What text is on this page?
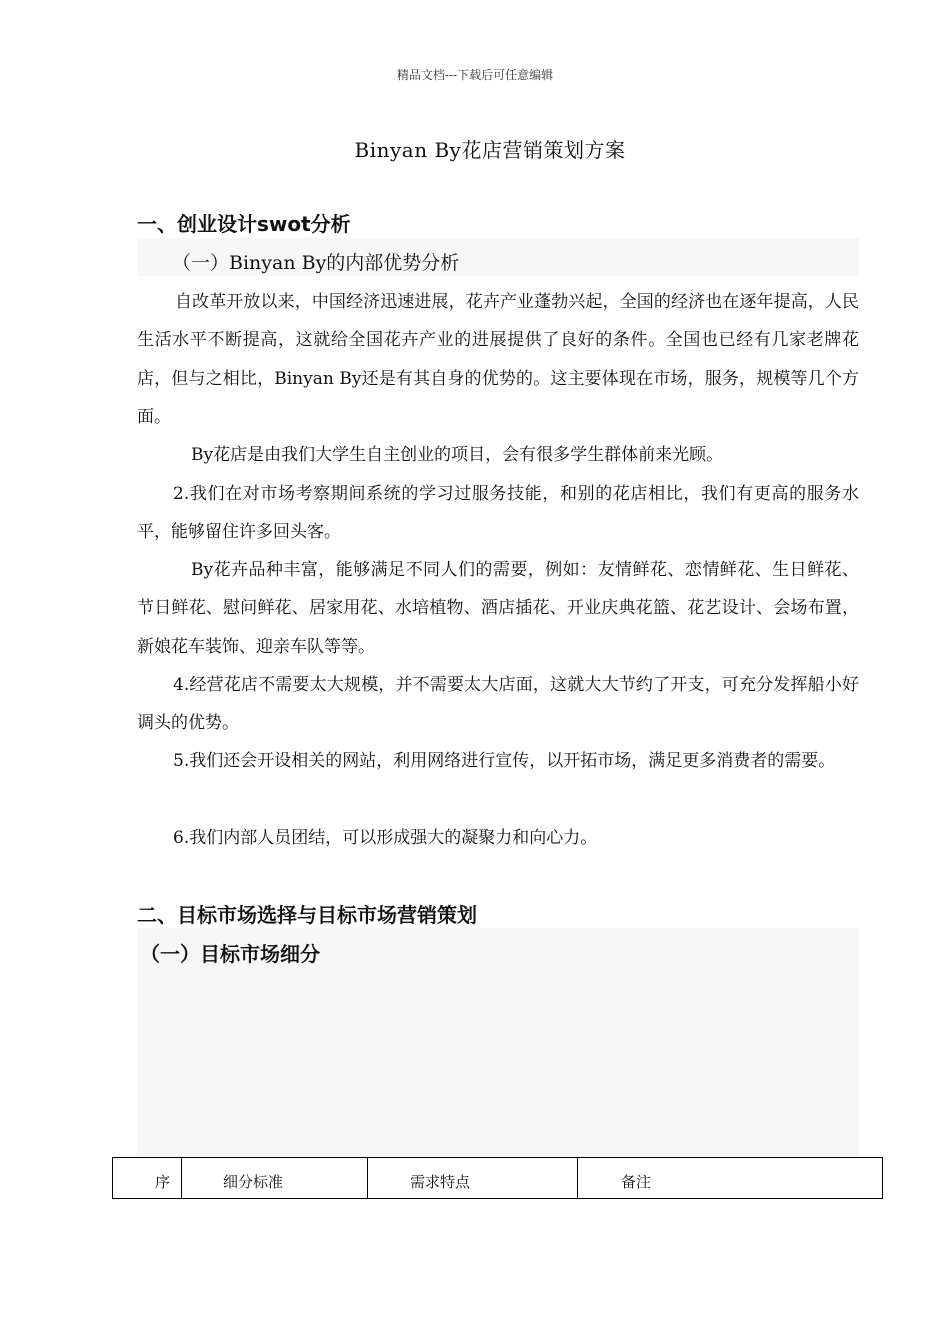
精品文档---下载后可任意编辑
Binyan By花店营销策划方案
一、创业设计swot分析
（一）Binyan By的内部优势分析

自改革开放以来，中国经济迅速进展，花卉产业蓬勃兴起，全国的经济也在逐年提高，人民生活水平不断提高，这就给全国花卉产业的进展提供了良好的条件。全国也已经有几家老牌花店，但与之相比，Binyan By还是有其自身的优势的。这主要体现在市场，服务，规模等几个方面。

By花店是由我们大学生自主创业的项目，会有很多学生群体前来光顾。

2.我们在对市场考察期间系统的学习过服务技能，和别的花店相比，我们有更高的服务水平，能够留住许多回头客。

By花卉品种丰富，能够满足不同人们的需要，例如：友情鲜花、恋情鲜花、生日鲜花、节日鲜花、慰问鲜花、居家用花、水培植物、酒店插花、开业庆典花篮、花艺设计、会场布置，新娘花车装饰、迎亲车队等等。

4.经营花店不需要太大规模，并不需要太大店面，这就大大节约了开支，可充分发挥船小好调头的优势。

5.我们还会开设相关的网站，利用网络进行宣传，以开拓市场，满足更多消费者的需要。

6.我们内部人员团结，可以形成强大的凝聚力和向心力。

二、目标市场选择与目标市场营销策划
（一）目标市场细分
序	细分标准	需求特点	备注
